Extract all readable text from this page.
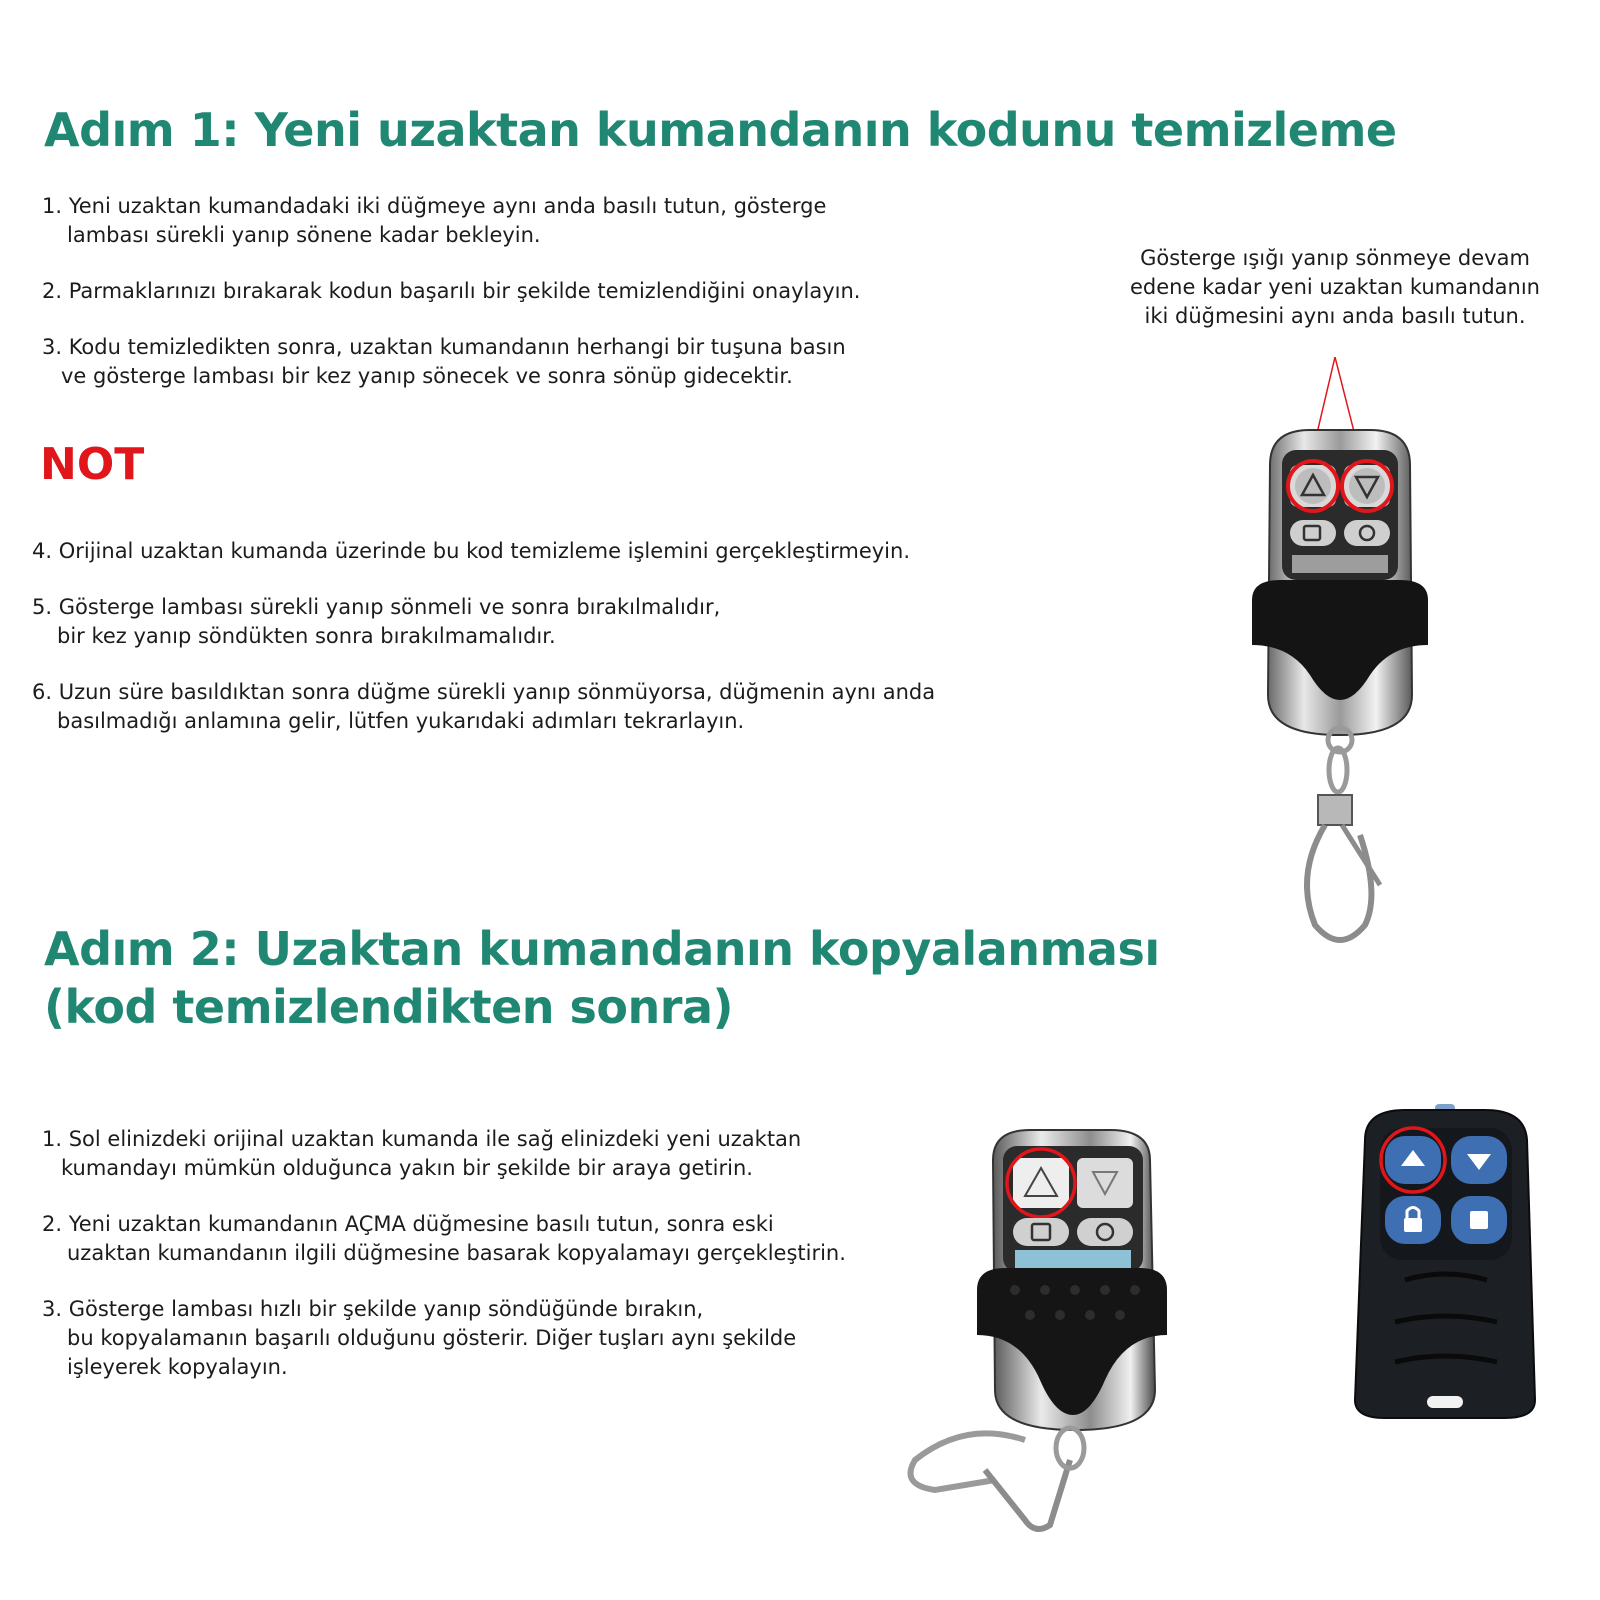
Adım 1: Yeni uzaktan kumandanın kodunu temizleme
1. Yeni uzaktan kumandadaki iki düğmeye aynı anda basılı tutun, gösterge
lambası sürekli yanıp sönene kadar bekleyin.
2. Parmaklarınızı bırakarak kodun başarılı bir şekilde temizlendiğini onaylayın.
3. Kodu temizledikten sonra, uzaktan kumandanın herhangi bir tuşuna basın
ve gösterge lambası bir kez yanıp sönecek ve sonra sönüp gidecektir.
NOT
4. Orijinal uzaktan kumanda üzerinde bu kod temizleme işlemini gerçekleştirmeyin.
5. Gösterge lambası sürekli yanıp sönmeli ve sonra bırakılmalıdır,
bir kez yanıp söndükten sonra bırakılmamalıdır.
6. Uzun süre basıldıktan sonra düğme sürekli yanıp sönmüyorsa, düğmenin aynı anda
basılmadığı anlamına gelir, lütfen yukarıdaki adımları tekrarlayın.
Gösterge ışığı yanıp sönmeye devam
edene kadar yeni uzaktan kumandanın
iki düğmesini aynı anda basılı tutun.
Adım 2: Uzaktan kumandanın kopyalanması
(kod temizlendikten sonra)
1. Sol elinizdeki orijinal uzaktan kumanda ile sağ elinizdeki yeni uzaktan
kumandayı mümkün olduğunca yakın bir şekilde bir araya getirin.
2. Yeni uzaktan kumandanın AÇMA düğmesine basılı tutun, sonra eski
uzaktan kumandanın ilgili düğmesine basarak kopyalamayı gerçekleştirin.
3. Gösterge lambası hızlı bir şekilde yanıp söndüğünde bırakın,
bu kopyalamanın başarılı olduğunu gösterir. Diğer tuşları aynı şekilde
işleyerek kopyalayın.
